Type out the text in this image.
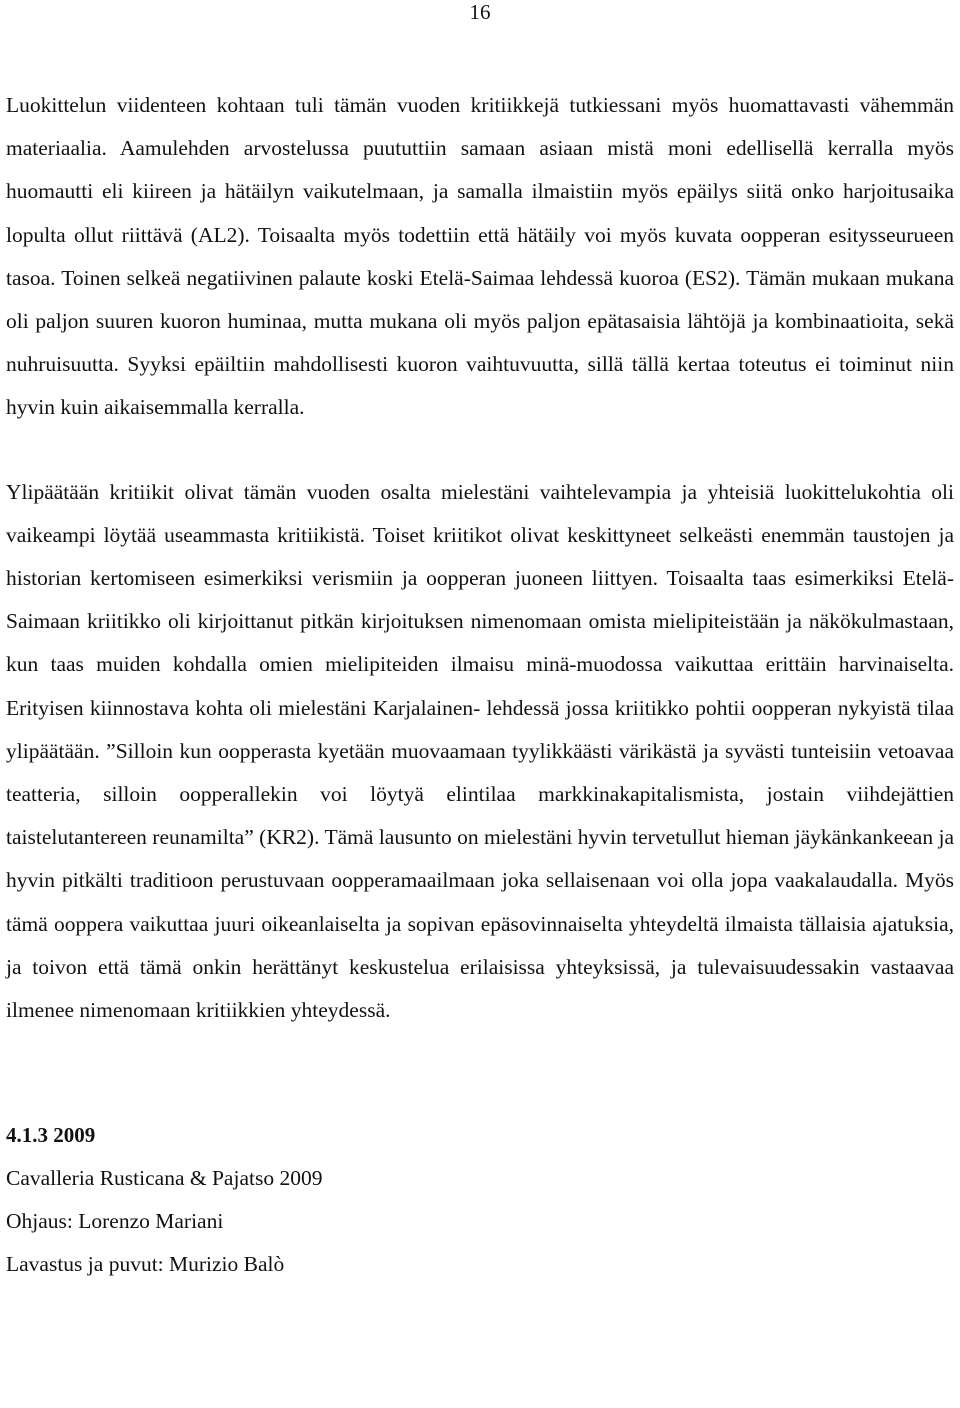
16

Luokittelun viidenteen kohtaan tuli tämän vuoden kritiikkejä tutkiessani myös huomattavasti vähemmän materiaalia. Aamulehden arvostelussa puututtiin samaan asiaan mistä moni edellisellä kerralla myös huomautti eli kiireen ja hätäilyn vaikutelmaan, ja samalla ilmaistiin myös epäilys siitä onko harjoitusaika lopulta ollut riittävä (AL2). Toisaalta myös todettiin että hätäily voi myös kuvata oopperan esitysseurueen tasoa. Toinen selkeä negatiivinen palaute koski Etelä-Saimaa lehdessä kuoroa (ES2). Tämän mukaan mukana oli paljon suuren kuoron huminaa, mutta mukana oli myös paljon epätasaisia lähtöjä ja kombinaatioita, sekä nuhruisuutta. Syyksi epäiltiin mahdollisesti kuoron vaihtuvuutta, sillä tällä kertaa toteutus ei toiminut niin hyvin kuin aikaisemmalla kerralla.

Ylipäätään kritiikit olivat tämän vuoden osalta mielestäni vaihtelevampia ja yhteisiä luokittelukohtia oli vaikeampi löytää useammasta kritiikistä. Toiset kriitikot olivat keskittyneet selkeästi enemmän taustojen ja historian kertomiseen esimerkiksi verismiin ja oopperan juoneen liittyen. Toisaalta taas esimerkiksi Etelä-Saimaan kriitikko oli kirjoittanut pitkän kirjoituksen nimenomaan omista mielipiteistään ja näkökulmastaan, kun taas muiden kohdalla omien mielipiteiden ilmaisu minä-muodossa vaikuttaa erittäin harvinaiselta. Erityisen kiinnostava kohta oli mielestäni Karjalainen- lehdessä jossa kriitikko pohtii oopperan nykyistä tilaa ylipäätään. ”Silloin kun oopperasta kyetään muovaamaan tyylikkäästi värikästä ja syvästi tunteisiin vetoavaa teatteria, silloin oopperallekin voi löytyä elintilaa markkinakapitalismista, jostain viihdejättien taistelutantereen reunamilta” (KR2). Tämä lausunto on mielestäni hyvin tervetullut hieman jäykänkankeean ja hyvin pitkälti traditioon perustuvaan oopperamaailmaan joka sellaisenaan voi olla jopa vaakalaudalla. Myös tämä ooppera vaikuttaa juuri oikeanlaiselta ja sopivan epäsovinnaiselta yhteydeltä ilmaista tällaisia ajatuksia, ja toivon että tämä onkin herättänyt keskustelua erilaisissa yhteyksissä, ja tulevaisuudessakin vastaavaa ilmenee nimenomaan kritiikkien yhteydessä.

4.1.3 2009

Cavalleria Rusticana & Pajatso 2009

Ohjaus: Lorenzo Mariani

Lavastus ja puvut: Murizio Balò
